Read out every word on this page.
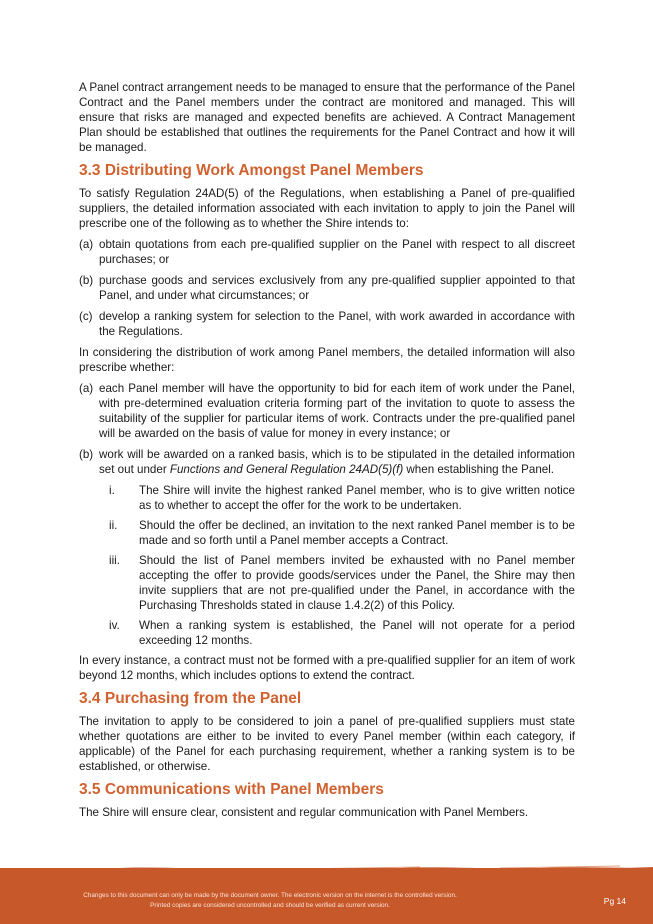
A Panel contract arrangement needs to be managed to ensure that the performance of the Panel Contract and the Panel members under the contract are monitored and managed. This will ensure that risks are managed and expected benefits are achieved. A Contract Management Plan should be established that outlines the requirements for the Panel Contract and how it will be managed.

3.3 Distributing Work Amongst Panel Members

To satisfy Regulation 24AD(5) of the Regulations, when establishing a Panel of pre-qualified suppliers, the detailed information associated with each invitation to apply to join the Panel will prescribe one of the following as to whether the Shire intends to:

(a) obtain quotations from each pre-qualified supplier on the Panel with respect to all discreet purchases; or
(b) purchase goods and services exclusively from any pre-qualified supplier appointed to that Panel, and under what circumstances; or
(c) develop a ranking system for selection to the Panel, with work awarded in accordance with the Regulations.

In considering the distribution of work among Panel members, the detailed information will also prescribe whether:

(a) each Panel member will have the opportunity to bid for each item of work under the Panel, with pre-determined evaluation criteria forming part of the invitation to quote to assess the suitability of the supplier for particular items of work. Contracts under the pre-qualified panel will be awarded on the basis of value for money in every instance; or
(b) work will be awarded on a ranked basis, which is to be stipulated in the detailed information set out under Functions and General Regulation 24AD(5)(f) when establishing the Panel.
i. The Shire will invite the highest ranked Panel member, who is to give written notice as to whether to accept the offer for the work to be undertaken.
ii. Should the offer be declined, an invitation to the next ranked Panel member is to be made and so forth until a Panel member accepts a Contract.
iii. Should the list of Panel members invited be exhausted with no Panel member accepting the offer to provide goods/services under the Panel, the Shire may then invite suppliers that are not pre-qualified under the Panel, in accordance with the Purchasing Thresholds stated in clause 1.4.2(2) of this Policy.
iv. When a ranking system is established, the Panel will not operate for a period exceeding 12 months.

In every instance, a contract must not be formed with a pre-qualified supplier for an item of work beyond 12 months, which includes options to extend the contract.

3.4 Purchasing from the Panel

The invitation to apply to be considered to join a panel of pre-qualified suppliers must state whether quotations are either to be invited to every Panel member (within each category, if applicable) of the Panel for each purchasing requirement, whether a ranking system is to be established, or otherwise.

3.5 Communications with Panel Members

The Shire will ensure clear, consistent and regular communication with Panel Members.

Changes to this document can only be made by the document owner. The electronic version on the internet is the controlled version.
Printed copies are considered uncontrolled and should be verified as current version.	Pg 14
